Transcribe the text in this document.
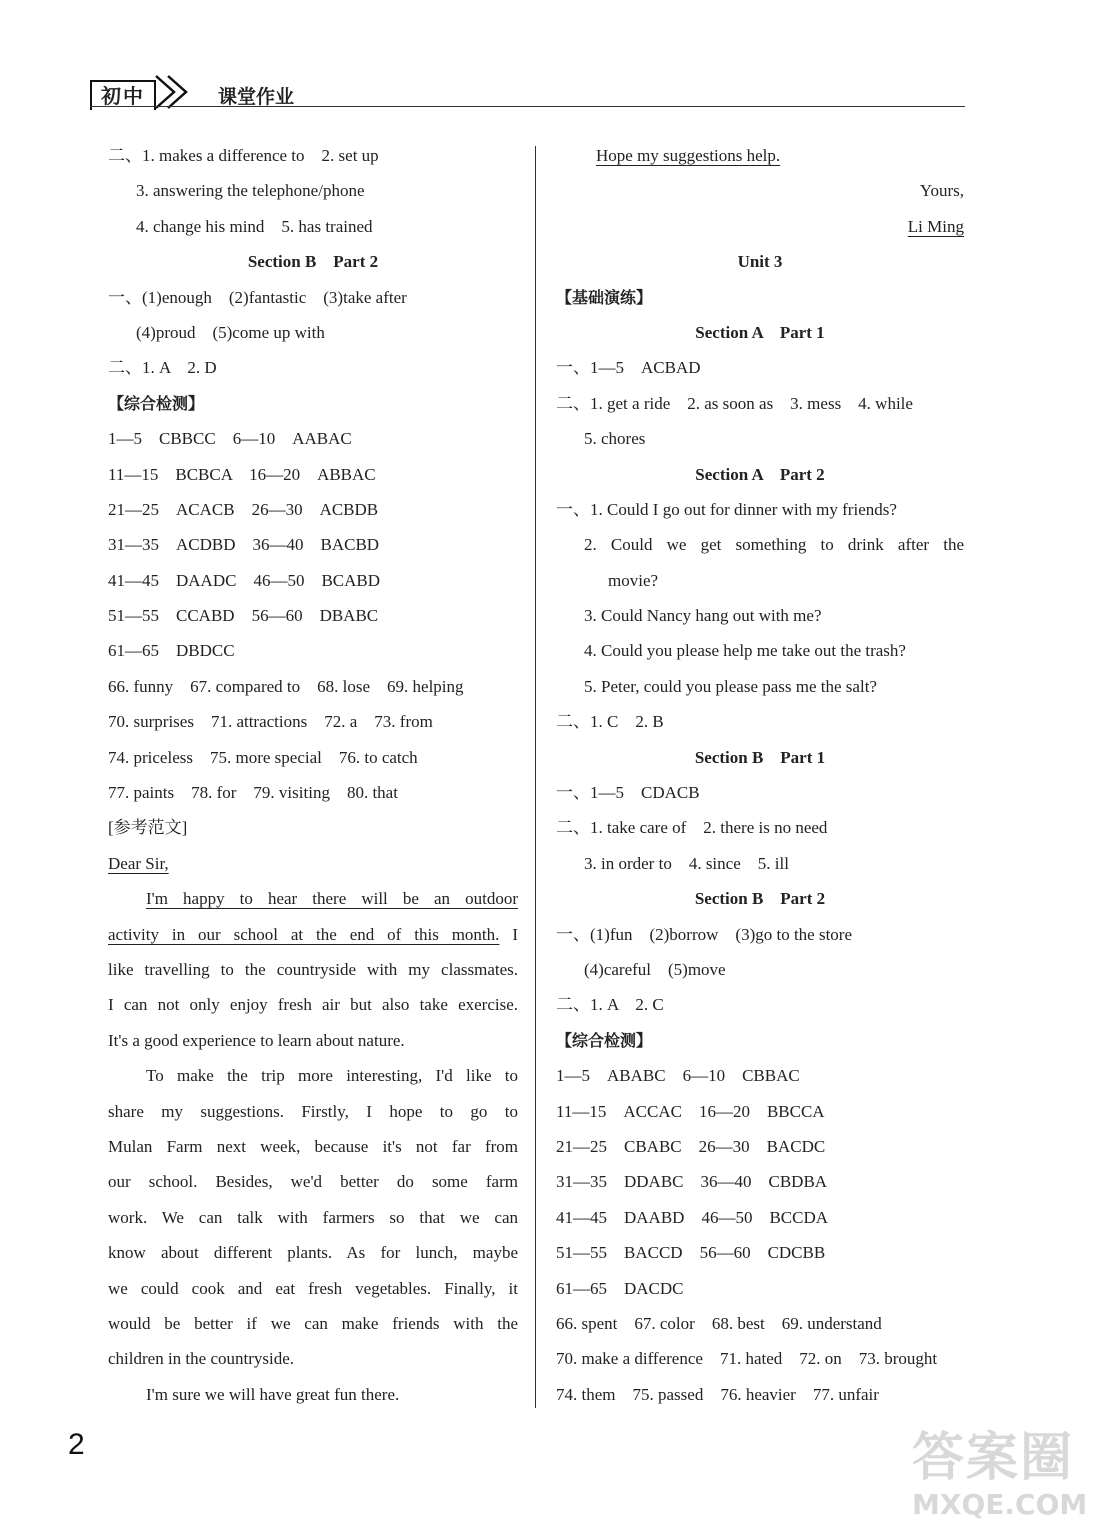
初中	课堂作业
二、1. makes a difference to　2. set up
3. answering the telephone/phone
4. change his mind　5. has trained
Section B　Part 2
一、(1)enough　(2)fantastic　(3)take after
(4)proud　(5)come up with
二、1. A　2. D
【综合检测】
1—5　CBBCC　6—10　AABAC
11—15　BCBCA　16—20　ABBAC
21—25　ACACB　26—30　ACBDB
31—35　ACDBD　36—40　BACBD
41—45　DAADC　46—50　BCABD
51—55　CCABD　56—60　DBABC
61—65　DBDCC
66. funny　67. compared to　68. lose　69. helping
70. surprises　71. attractions　72. a　73. from
74. priceless　75. more special　76. to catch
77. paints　78. for　79. visiting　80. that
[参考范文]
Dear Sir,
I'm happy to hear there will be an outdoor
activity in our school at the end of this month. I
like travelling to the countryside with my classmates.
I can not only enjoy fresh air but also take exercise.
It's a good experience to learn about nature.
To make the trip more interesting, I'd like to
share my suggestions. Firstly, I hope to go to
Mulan Farm next week, because it's not far from
our school. Besides, we'd better do some farm
work. We can talk with farmers so that we can
know about different plants. As for lunch, maybe
we could cook and eat fresh vegetables. Finally, it
would be better if we can make friends with the
children in the countryside.
I'm sure we will have great fun there.
Hope my suggestions help.
Yours,
Li Ming
Unit 3
【基础演练】
Section A　Part 1
一、1—5　ACBAD
二、1. get a ride　2. as soon as　3. mess　4. while
5. chores
Section A　Part 2
一、1. Could I go out for dinner with my friends?
2. Could we get something to drink after the
movie?
3. Could Nancy hang out with me?
4. Could you please help me take out the trash?
5. Peter, could you please pass me the salt?
二、1. C　2. B
Section B　Part 1
一、1—5　CDACB
二、1. take care of　2. there is no need
3. in order to　4. since　5. ill
Section B　Part 2
一、(1)fun　(2)borrow　(3)go to the store
(4)careful　(5)move
二、1. A　2. C
【综合检测】
1—5　ABABC　6—10　CBBAC
11—15　ACCAC　16—20　BBCCA
21—25　CBABC　26—30　BACDC
31—35　DDABC　36—40　CBDBA
41—45　DAABD　46—50　BCCDA
51—55　BACCD　56—60　CDCBB
61—65　DACDC
66. spent　67. color　68. best　69. understand
70. make a difference　71. hated　72. on　73. brought
74. them　75. passed　76. heavier　77. unfair
2	答案圈
MXQE.COM
